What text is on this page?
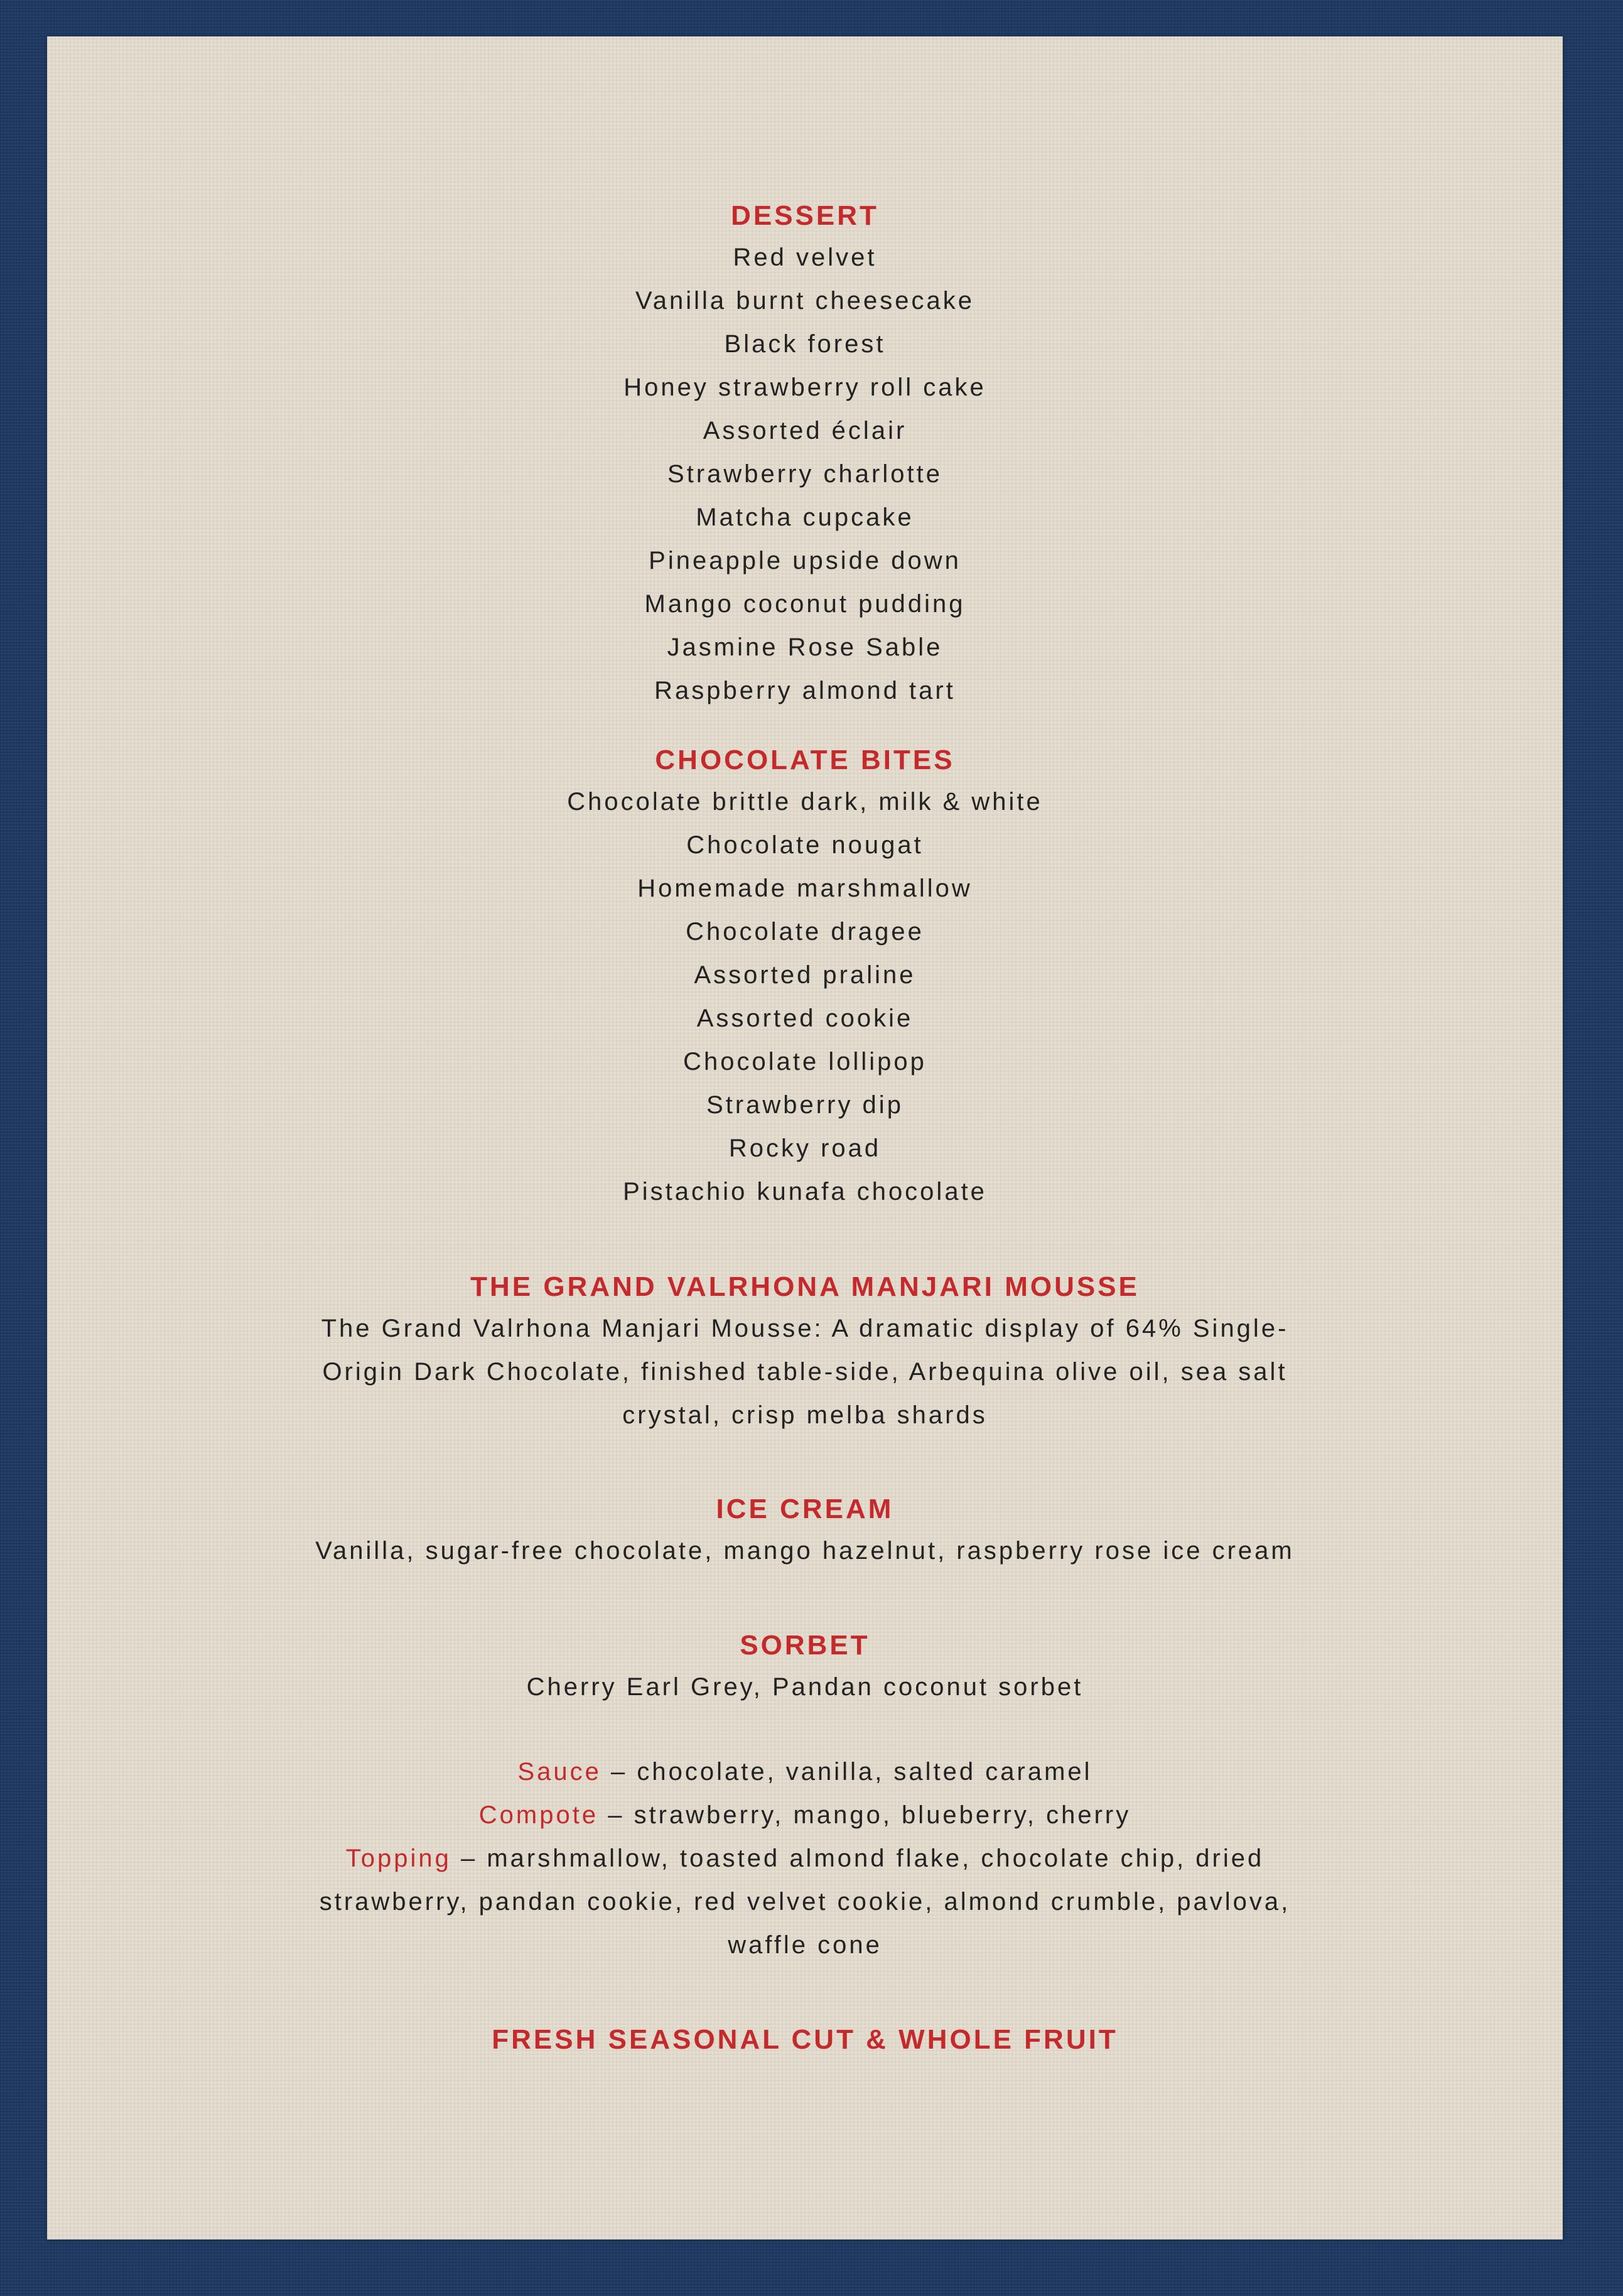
DESSERT
Red velvet
Vanilla burnt cheesecake
Black forest
Honey strawberry roll cake
Assorted éclair
Strawberry charlotte
Matcha cupcake
Pineapple upside down
Mango coconut pudding
Jasmine Rose Sable
Raspberry almond tart
CHOCOLATE BITES
Chocolate brittle dark, milk & white
Chocolate nougat
Homemade marshmallow
Chocolate dragee
Assorted praline
Assorted cookie
Chocolate lollipop
Strawberry dip
Rocky road
Pistachio kunafa chocolate
THE GRAND VALRHONA MANJARI MOUSSE

The Grand Valrhona Manjari Mousse: A dramatic display of 64% Single-Origin Dark Chocolate, finished table-side, Arbequina olive oil, sea salt crystal, crisp melba shards

ICE CREAM

Vanilla, sugar-free chocolate, mango hazelnut, raspberry rose ice cream

SORBET

Cherry Earl Grey, Pandan coconut sorbet

Sauce – chocolate, vanilla, salted caramel
Compote – strawberry, mango, blueberry, cherry
Topping – marshmallow, toasted almond flake, chocolate chip, dried strawberry, pandan cookie, red velvet cookie, almond crumble, pavlova, waffle cone
FRESH SEASONAL CUT & WHOLE FRUIT
